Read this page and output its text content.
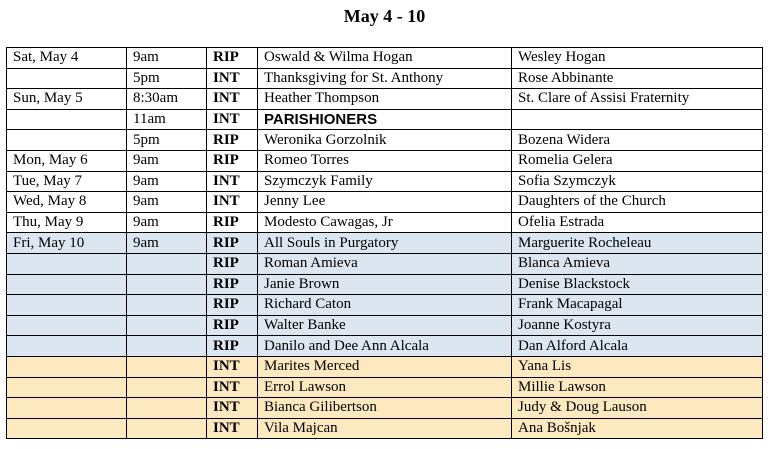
May 4 - 10
Sat, May 4	9am	RIP	Oswald & Wilma Hogan	Wesley Hogan
	5pm	INT	Thanksgiving for St. Anthony	Rose Abbinante
Sun, May 5	8:30am	INT	Heather Thompson	St. Clare of Assisi Fraternity
	11am	INT	PARISHIONERS	
	5pm	RIP	Weronika Gorzolnik	Bozena Widera
Mon, May 6	9am	RIP	Romeo Torres	Romelia Gelera
Tue, May 7	9am	INT	Szymczyk Family	Sofia Szymczyk
Wed, May 8	9am	INT	Jenny Lee	Daughters of the Church
Thu, May 9	9am	RIP	Modesto Cawagas, Jr	Ofelia Estrada
Fri, May 10	9am	RIP	All Souls in Purgatory	Marguerite Rocheleau
		RIP	Roman Amieva	Blanca Amieva
		RIP	Janie Brown	Denise Blackstock
		RIP	Richard Caton	Frank Macapagal
		RIP	Walter Banke	Joanne Kostyra
		RIP	Danilo and Dee Ann Alcala	Dan Alford Alcala
		INT	Marites Merced	Yana Lis
		INT	Errol Lawson	Millie Lawson
		INT	Bianca Gilibertson	Judy & Doug Lauson
		INT	Vila Majcan	Ana Bošnjak
